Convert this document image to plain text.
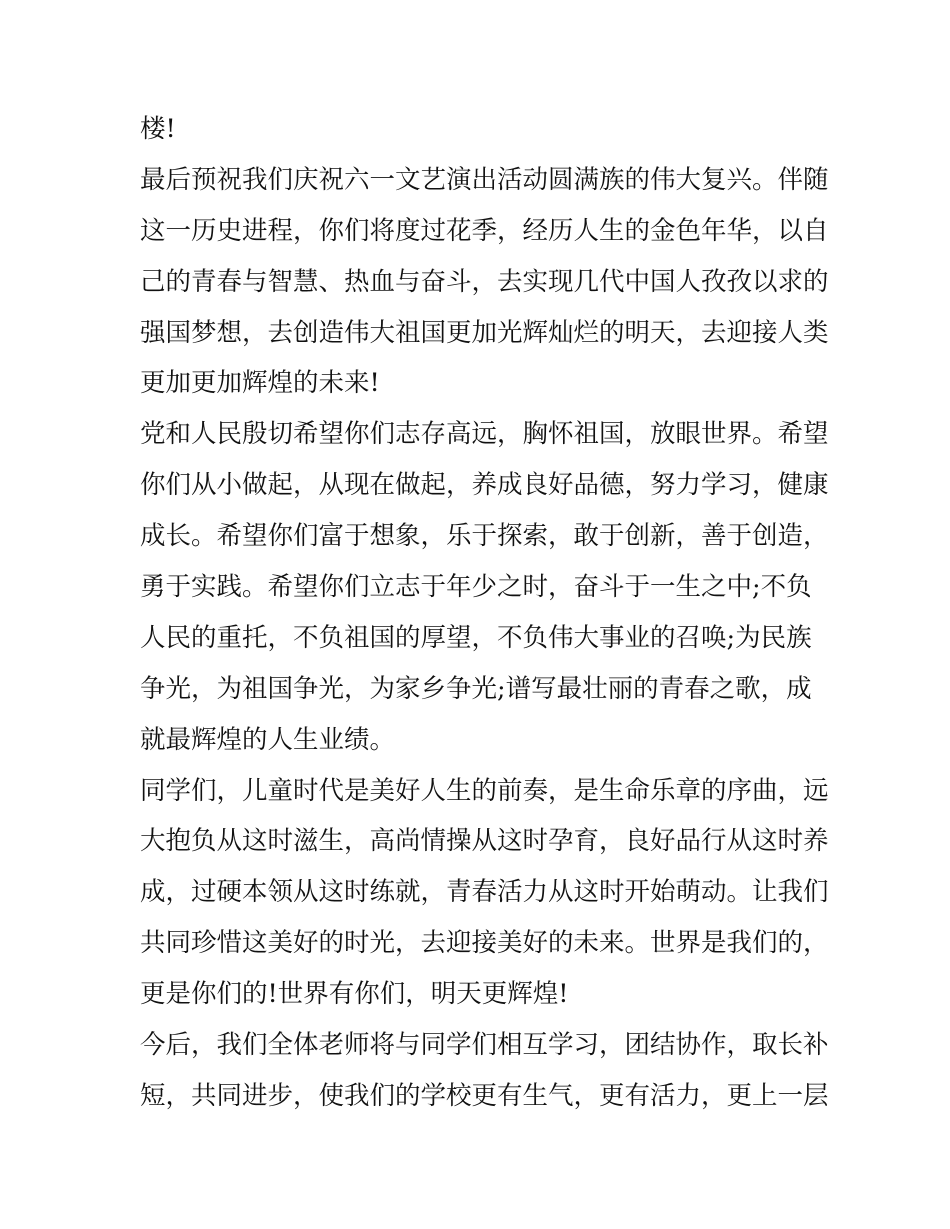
楼!
最后预祝我们庆祝六一文艺演出活动圆满族的伟大复兴。伴随
这一历史进程，你们将度过花季，经历人生的金色年华，以自
己的青春与智慧、热血与奋斗，去实现几代中国人孜孜以求的
强国梦想，去创造伟大祖国更加光辉灿烂的明天，去迎接人类
更加更加辉煌的未来!
党和人民殷切希望你们志存高远，胸怀祖国，放眼世界。希望
你们从小做起，从现在做起，养成良好品德，努力学习，健康
成长。希望你们富于想象，乐于探索，敢于创新，善于创造，
勇于实践。希望你们立志于年少之时，奋斗于一生之中;不负
人民的重托，不负祖国的厚望，不负伟大事业的召唤;为民族
争光，为祖国争光，为家乡争光;谱写最壮丽的青春之歌，成
就最辉煌的人生业绩。
同学们，儿童时代是美好人生的前奏，是生命乐章的序曲，远
大抱负从这时滋生，高尚情操从这时孕育，良好品行从这时养
成，过硬本领从这时练就，青春活力从这时开始萌动。让我们
共同珍惜这美好的时光，去迎接美好的未来。世界是我们的，
更是你们的!世界有你们，明天更辉煌!
今后，我们全体老师将与同学们相互学习，团结协作，取长补
短，共同进步，使我们的学校更有生气，更有活力，更上一层
